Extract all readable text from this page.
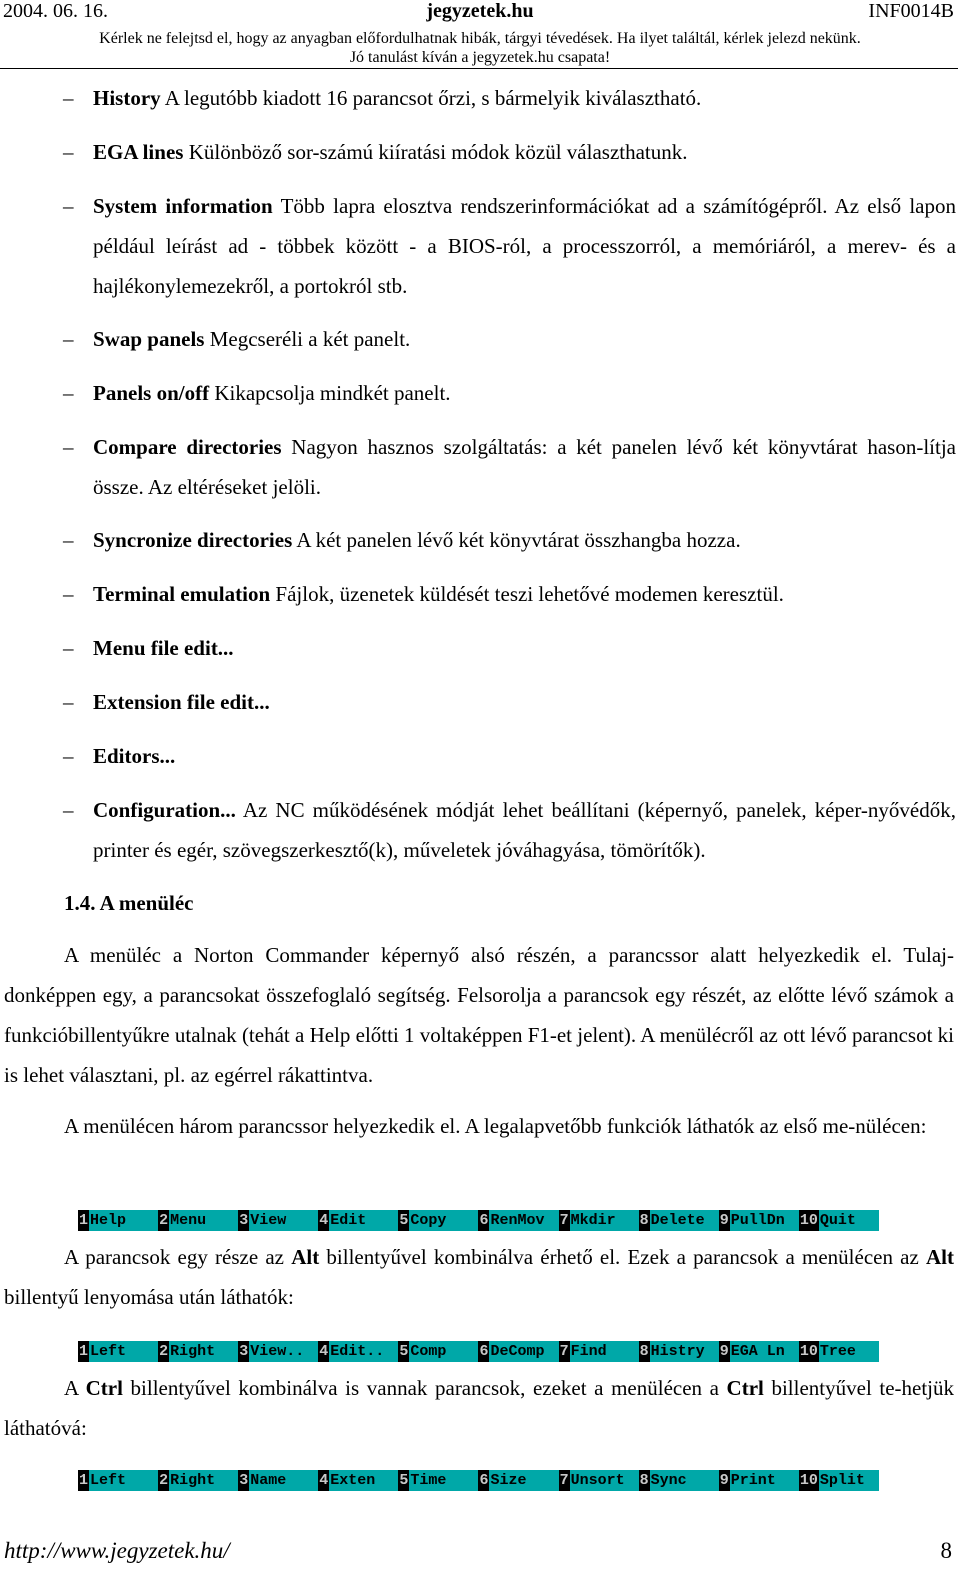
2004. 06. 16.	jegyzetek.hu	INF0014B
Kérlek ne felejtsd el, hogy az anyagban előfordulhatnak hibák, tárgyi tévedések. Ha ilyet találtál, kérlek jelezd nekünk.
Jó tanulást kíván a jegyzetek.hu csapata!
– History A legutóbb kiadott 16 parancsot őrzi, s bármelyik kiválasztható.
– EGA lines Különböző sor-számú kiíratási módok közül választhatunk.
– System information Több lapra elosztva rendszerinformációkat ad a számítógépről. Az első lapon például leírást ad - többek között - a BIOS-ról, a processzorról, a memóriáról, a merev- és a hajlékonylemezekről, a portokról stb.
– Swap panels Megcseréli a két panelt.
– Panels on/off Kikapcsolja mindkét panelt.
– Compare directories Nagyon hasznos szolgáltatás: a két panelen lévő két könyvtárat hason-lítja össze. Az eltéréseket jelöli.
– Syncronize directories A két panelen lévő két könyvtárat összhangba hozza.
– Terminal emulation Fájlok, üzenetek küldését teszi lehetővé modemen keresztül.
– Menu file edit...
– Extension file edit...
– Editors...
– Configuration... Az NC működésének módját lehet beállítani (képernyő, panelek, képer-nyővédők, printer és egér, szövegszerkesztő(k), műveletek jóváhagyása, tömörítők).
1.4. A menüléc
A menüléc a Norton Commander képernyő alsó részén, a parancssor alatt helyezkedik el. Tulaj-donképpen egy, a parancsokat összefoglaló segítség. Felsorolja a parancsok egy részét, az előtte lévő számok a funkcióbillentyűkre utalnak (tehát a Help előtti 1 voltaképpen F1-et jelent). A menülécről az ott lévő parancsot ki is lehet választani, pl. az egérrel rákattintva.
A menülécen három parancssor helyezkedik el. A legalapvetőbb funkciók láthatók az első me-nülécen:
1 Help 2 Menu 3 View 4 Edit 5 Copy 6 RenMov 7 Mkdir 8 Delete 9 PullDn 10 Quit
A parancsok egy része az Alt billentyűvel kombinálva érhető el. Ezek a parancsok a menülécen az Alt billentyű lenyomása után láthatók:
1 Left 2 Right 3 View.. 4 Edit.. 5 Comp 6 DeComp 7 Find 8 Histry 9 EGA Ln 10 Tree
A Ctrl billentyűvel kombinálva is vannak parancsok, ezeket a menülécen a Ctrl billentyűvel te-hetjük láthatóvá:
1 Left 2 Right 3 Name 4 Exten 5 Time 6 Size 7 Unsort 8 Sync 9 Print 10 Split
http://www.jegyzetek.hu/	8
